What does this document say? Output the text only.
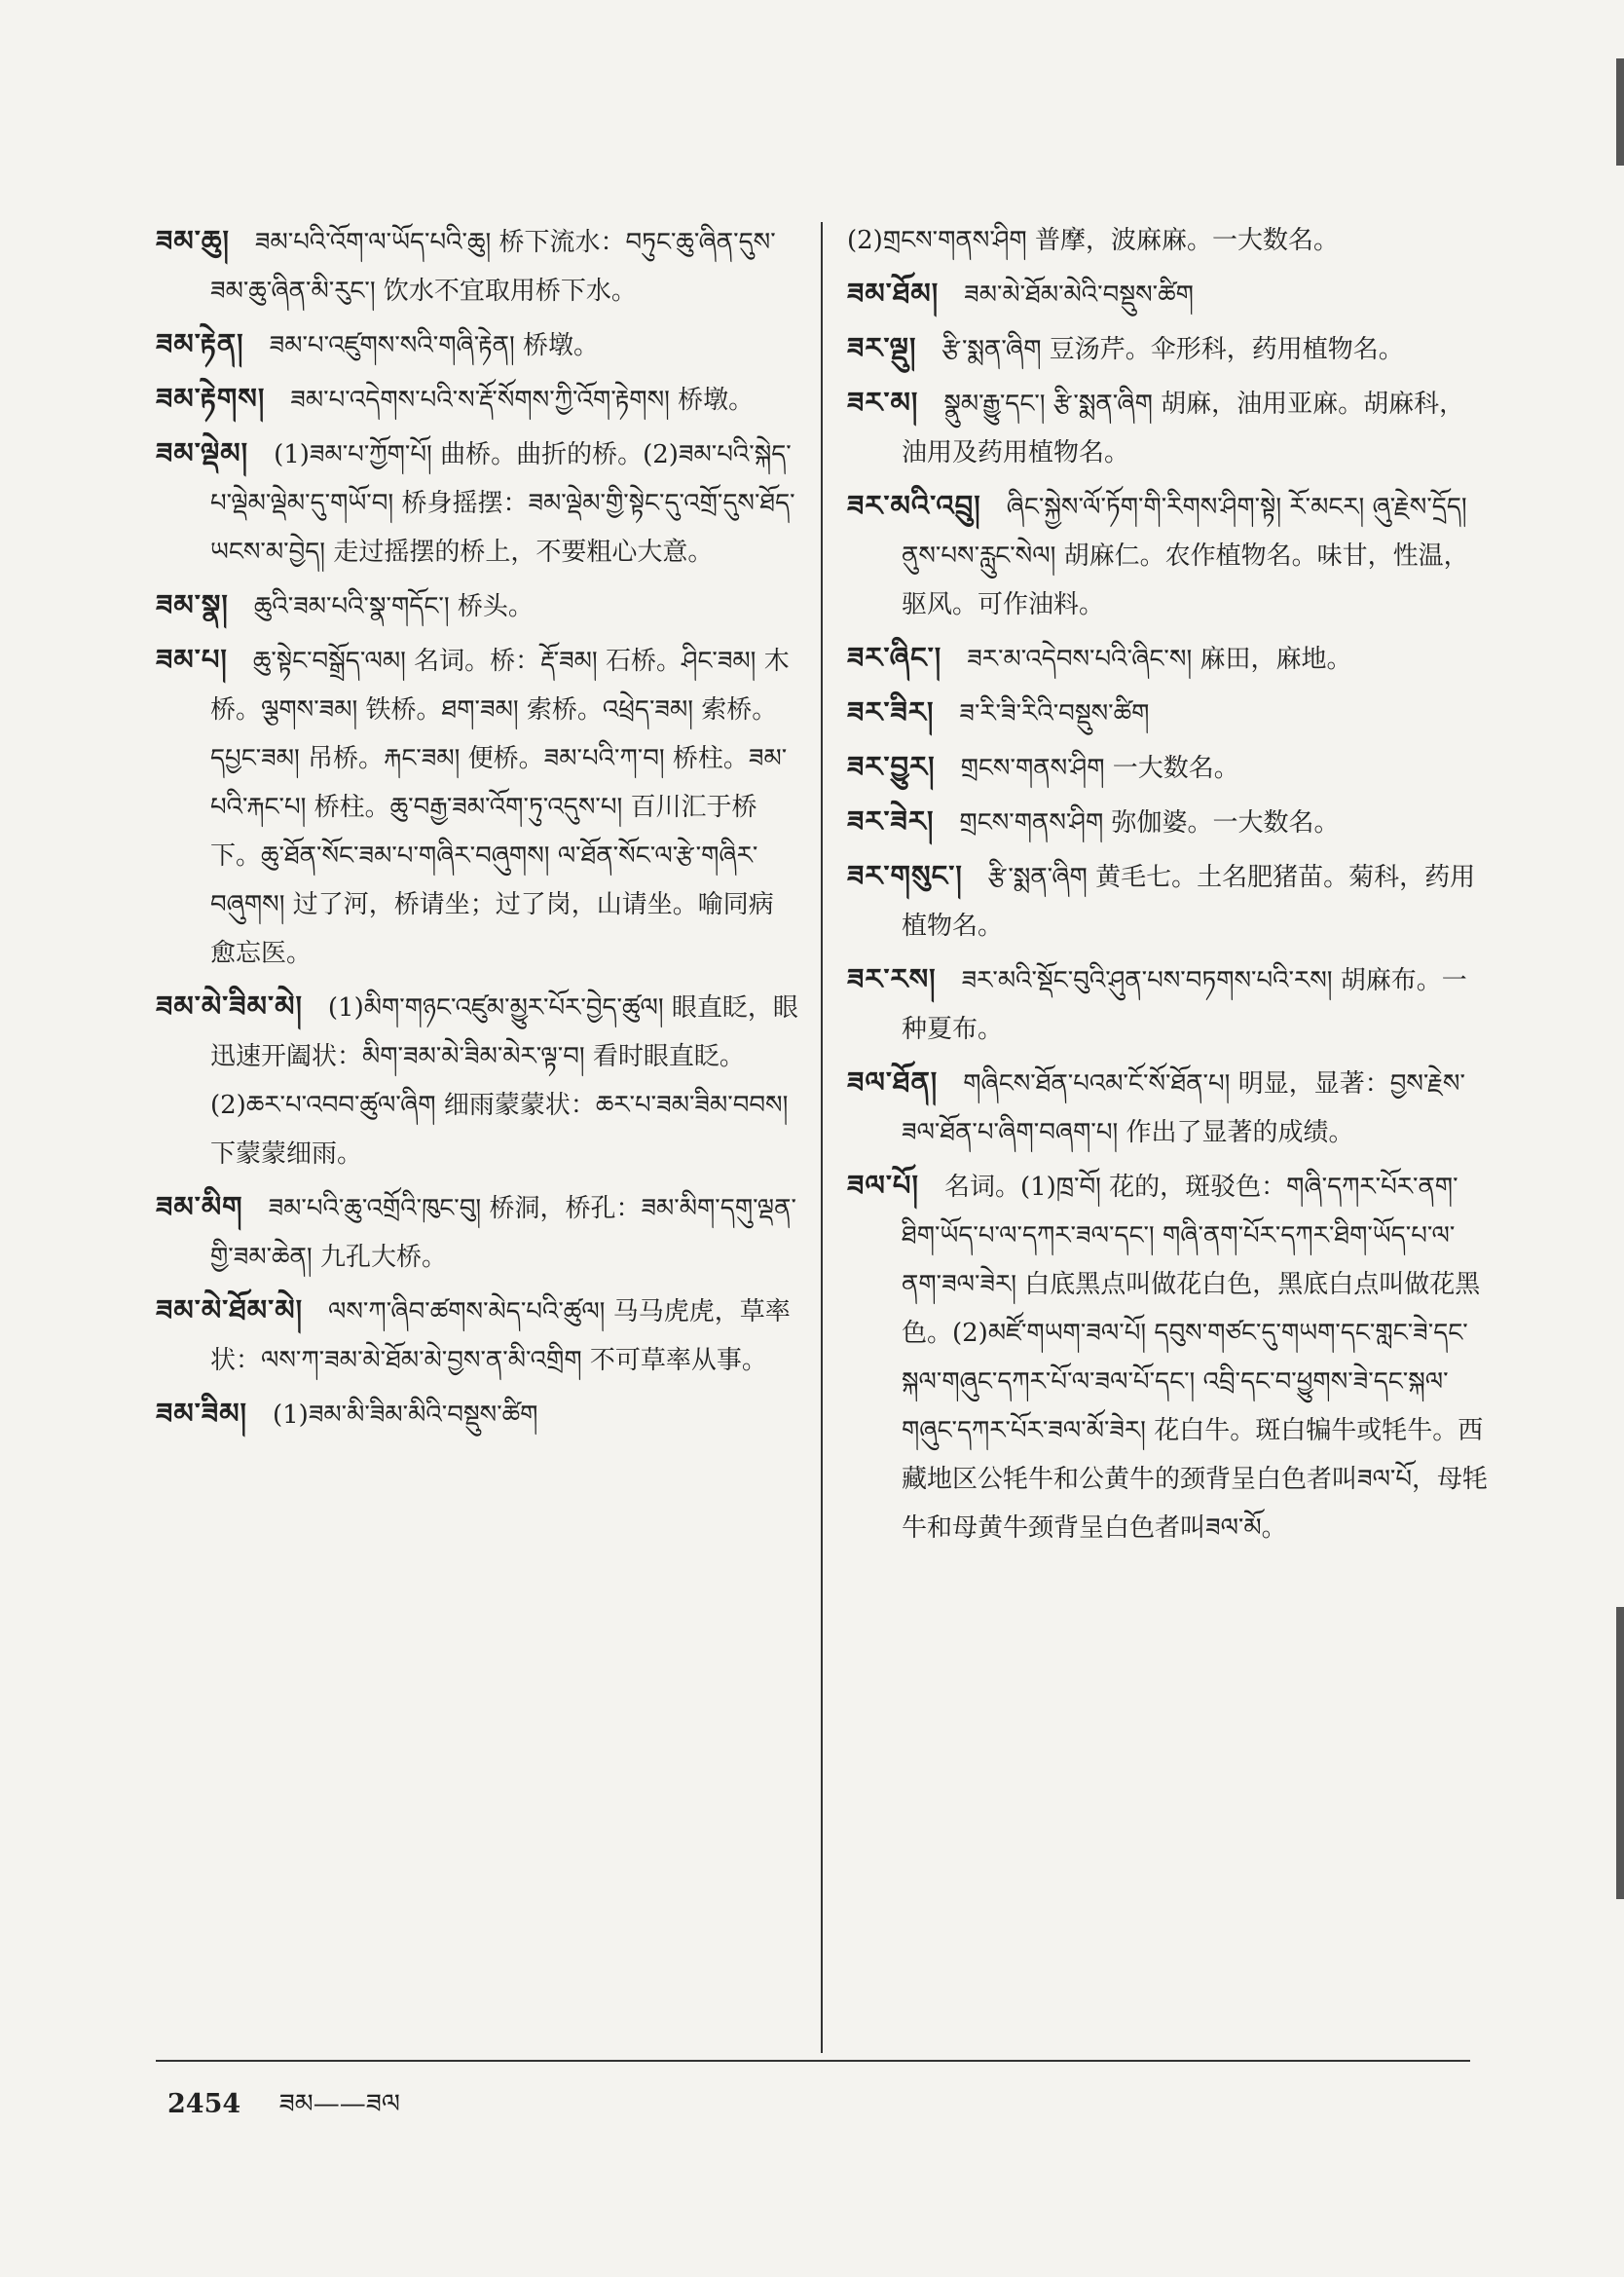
ཟམ་ཆུ། ཟམ་པའི་འོག་ལ་ཡོད་པའི་ཆུ། 桥下流水：བཏུང་ཆུ་ཞིན་དུས་ཟམ་ཆུ་ཞིན་མི་རུང་། 饮水不宜取用桥下水。

ཟམ་རྟེན། ཟམ་པ་འཛུགས་སའི་གཞི་རྟེན། 桥墩。

ཟམ་རྟེགས། ཟམ་པ་འདེགས་པའི་ས་རྡོ་སོགས་ཀྱི་འོག་རྟེགས། 桥墩。

ཟམ་ལྡེམ། (1)ཟམ་པ་ཀྱོག་པོ། 曲桥。曲折的桥。(2)ཟམ་པའི་སྐེད་པ་ལྡེམ་ལྡེམ་དུ་གཡོ་བ། 桥身摇摆：ཟམ་ལྡེམ་གྱི་སྟེང་དུ་འགྲོ་དུས་ཐོད་ཡངས་མ་བྱེད། 走过摇摆的桥上，不要粗心大意。

ཟམ་སྣ། ཆུའི་ཟམ་པའི་སྣ་གདོང་། 桥头。

ཟམ་པ། ཆུ་སྟེང་བསྒྲོད་ལམ། 名词。桥：རྡོ་ཟམ། 石桥。ཤིང་ཟམ། 木桥。ལྕགས་ཟམ། 铁桥。ཐག་ཟམ། 索桥。འཕྲེད་ཟམ། 索桥。དཔྱང་ཟམ། 吊桥。རྐང་ཟམ། 便桥。ཟམ་པའི་ཀ་བ། 桥柱。ཟམ་པའི་རྐང་པ། 桥柱。ཆུ་བརྒྱ་ཟམ་འོག་ཏུ་འདུས་པ། 百川汇于桥下。ཆུ་ཐོན་སོང་ཟམ་པ་གཞིར་བཞུགས། ལ་ཐོན་སོང་ལ་རྩེ་གཞིར་བཞུགས། 过了河，桥请坐；过了岗，山请坐。喻同病愈忘医。

ཟམ་མེ་ཟིམ་མེ། (1)མིག་གཉང་འཛུམ་མྱུར་པོར་བྱེད་ཚུལ། 眼直眨，眼迅速开阖状：མིག་ཟམ་མེ་ཟིམ་མེར་ལྟ་བ། 看时眼直眨。(2)ཆར་པ་འབབ་ཚུལ་ཞིག 细雨蒙蒙状：ཆར་པ་ཟམ་ཟིམ་བབས། 下蒙蒙细雨。

ཟམ་མིག ཟམ་པའི་ཆུ་འགྲོའི་ཁུང་བུ། 桥洞，桥孔：ཟམ་མིག་དགུ་ལྡན་གྱི་ཟམ་ཆེན། 九孔大桥。

ཟམ་མེ་ཐོམ་མེ། ལས་ཀ་ཞིབ་ཚགས་མེད་པའི་ཚུལ། 马马虎虎，草率状：ལས་ཀ་ཟམ་མེ་ཐོམ་མེ་བྱས་ན་མི་འགྲིག 不可草率从事。

ཟམ་ཟིམ། (1)ཟམ་མི་ཟིམ་མིའི་བསྡུས་ཚིག

(2)གྲངས་གནས་ཤིག 普摩，波麻麻。一大数名。

ཟམ་ཐོམ། ཟམ་མེ་ཐོམ་མེའི་བསྡུས་ཚིག

ཟར་ལྡུ། རྩི་སྨན་ཞིག 豆汤芹。伞形科，药用植物名。

ཟར་མ། སྣུམ་རྒྱུ་དང་། རྩི་སྨན་ཞིག 胡麻，油用亚麻。胡麻科，油用及药用植物名。

ཟར་མའི་འབྲུ། ཞིང་སྐྱེས་ལོ་ཏོག་གི་རིགས་ཤིག་སྟེ། རོ་མངར། ཞུ་རྗེས་དྲོད། ནུས་པས་རླུང་སེལ། 胡麻仁。农作植物名。味甘，性温，驱风。可作油料。

ཟར་ཞིང་། ཟར་མ་འདེབས་པའི་ཞིང་ས། 麻田，麻地。

ཟར་ཟིར། ཟ་རི་ཟི་རིའི་བསྡུས་ཚིག

ཟར་བྱུར། གྲངས་གནས་ཤིག 一大数名。

ཟར་ཟེར། གྲངས་གནས་ཤིག 弥伽婆。一大数名。

ཟར་གསུང་། རྩི་སྨན་ཞིག 黄毛七。土名肥猪苗。菊科，药用植物名。

ཟར་རས། ཟར་མའི་སྡོང་བུའི་ཤུན་པས་བཏགས་པའི་རས། 胡麻布。一种夏布。

ཟལ་ཐོན། གཞིངས་ཐོན་པའམ་ངོ་སོ་ཐོན་པ། 明显，显著：བྱས་རྗེས་ཟལ་ཐོན་པ་ཞིག་བཞག་པ། 作出了显著的成绩。

ཟལ་པོ། 名词。(1)ཁྲ་བོ། 花的，斑驳色：གཞི་དཀར་པོར་ནག་ཐིག་ཡོད་པ་ལ་དཀར་ཟལ་དང་། གཞི་ནག་པོར་དཀར་ཐིག་ཡོད་པ་ལ་ནག་ཟལ་ཟེར། 白底黑点叫做花白色，黑底白点叫做花黑色。(2)མཛོ་གཡག་ཟལ་པོ། དབུས་གཙང་དུ་གཡག་དང་གླང་ཟེ་དང་སྐལ་གཞུང་དཀར་པོ་ལ་ཟལ་པོ་དང་། འབྲི་དང་བ་ཕྱུགས་ཟེ་དང་སྐལ་གཞུང་དཀར་པོར་ཟལ་མོ་ཟེར། 花白牛。斑白犏牛或牦牛。西藏地区公牦牛和公黄牛的颈背呈白色者叫ཟལ་པོ，母牦牛和母黄牛颈背呈白色者叫ཟལ་མོ。

2454 ཟམ——ཟལ
